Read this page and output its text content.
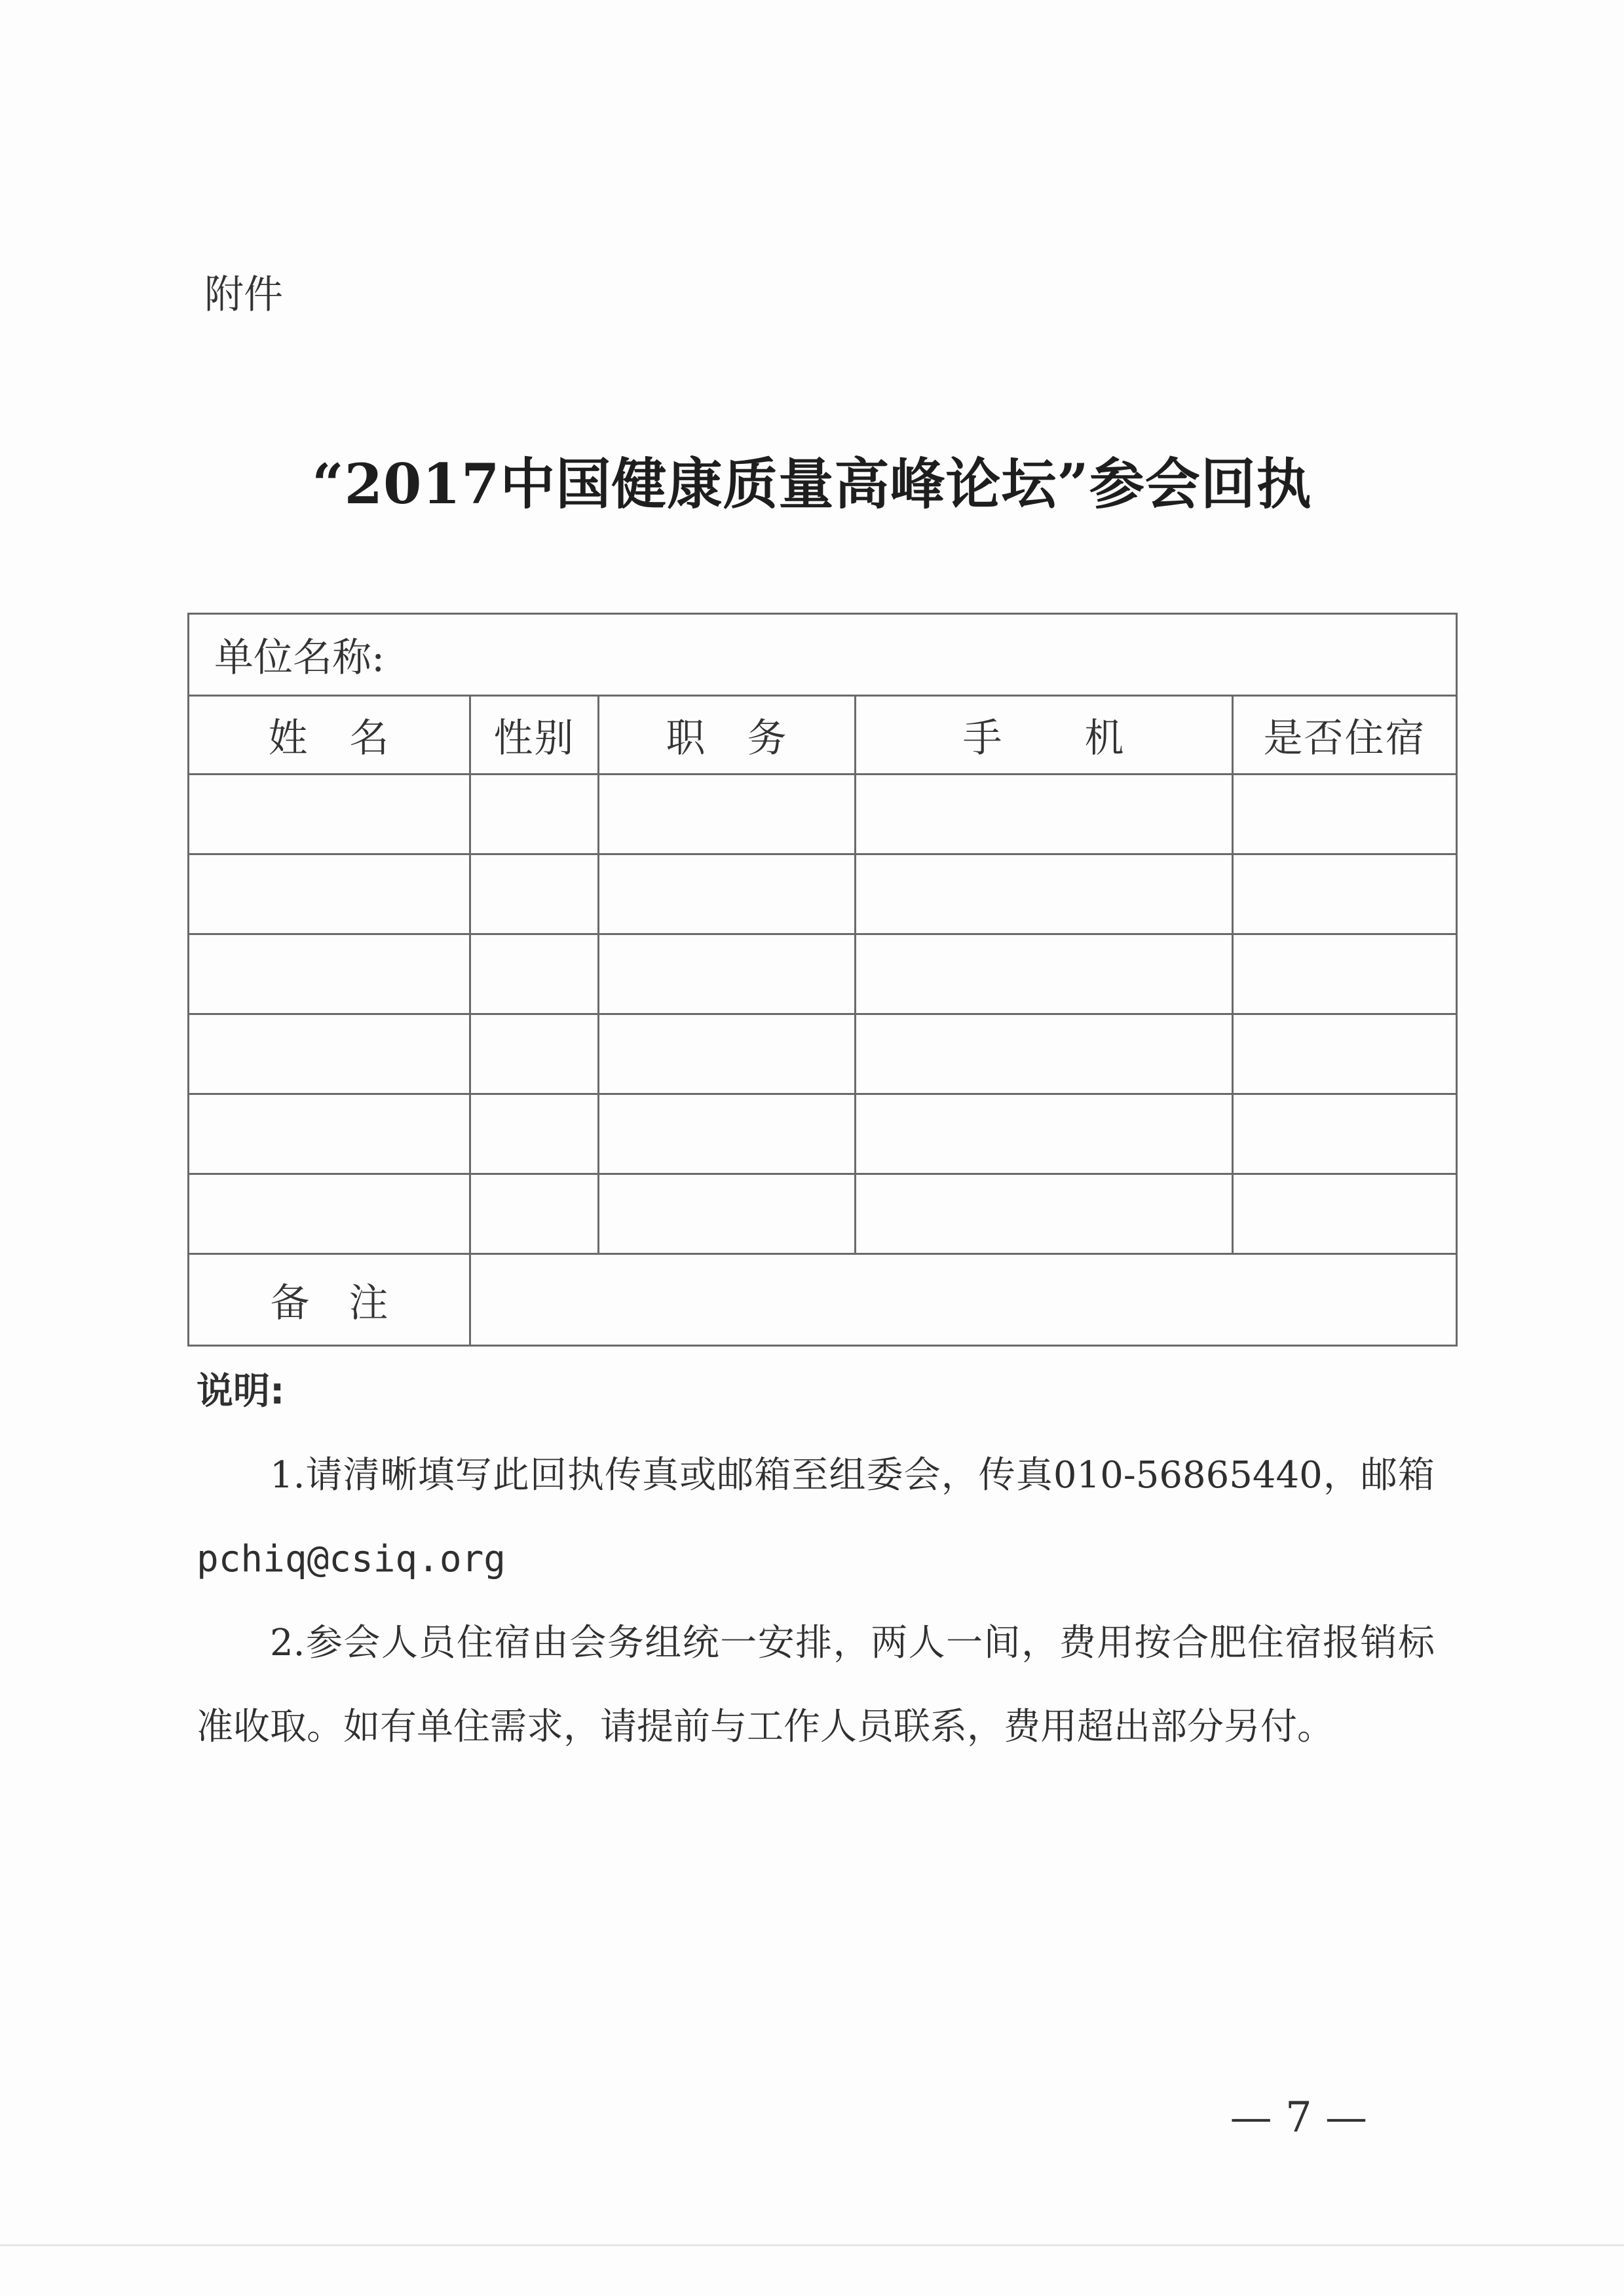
附件
“2017中国健康质量高峰论坛”参会回执
单位名称:				
姓　名	性别	职　务	手　　机	是否住宿

备　注				
说明:
1.请清晰填写此回执传真或邮箱至组委会，传真010-56865440，邮箱 pchiq@csiq.org
2.参会人员住宿由会务组统一安排，两人一间，费用按合肥住宿报销标准收取。如有单住需求，请提前与工作人员联系，费用超出部分另付。
— 7 —
